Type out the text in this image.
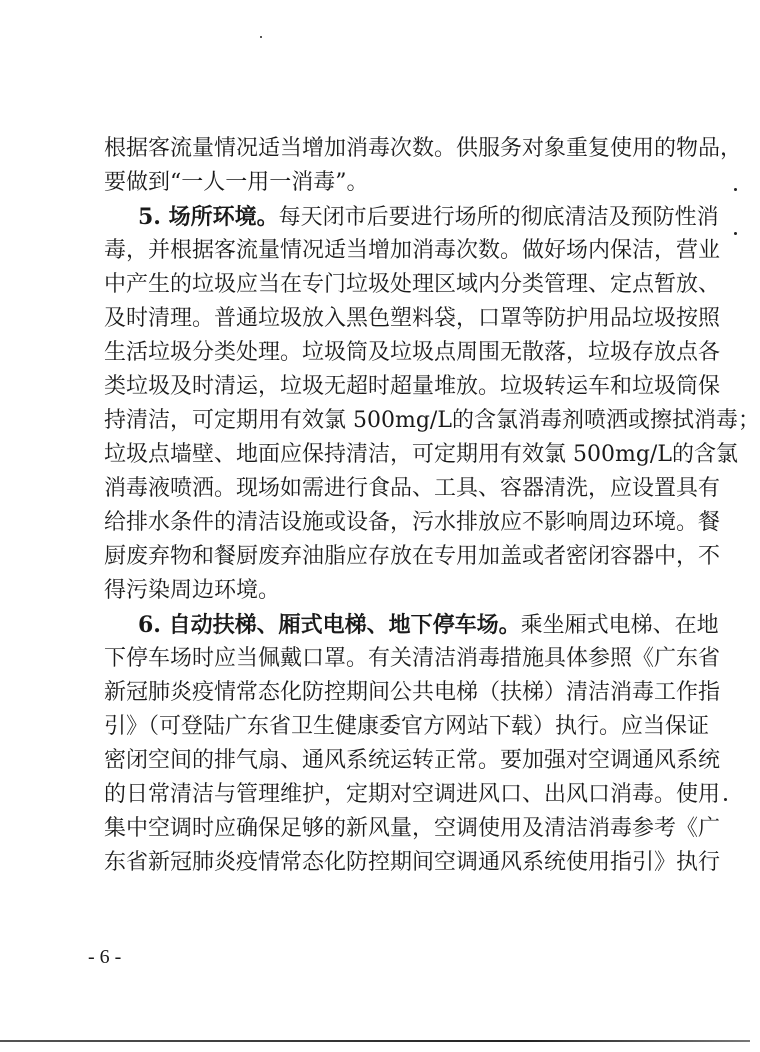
根据客流量情况适当增加消毒次数。供服务对象重复使用的物品，
要做到“一人一用一消毒”。
5. 场所环境。每天闭市后要进行场所的彻底清洁及预防性消
毒，并根据客流量情况适当增加消毒次数。做好场内保洁，营业
中产生的垃圾应当在专门垃圾处理区域内分类管理、定点暂放、
及时清理。普通垃圾放入黑色塑料袋，口罩等防护用品垃圾按照
生活垃圾分类处理。垃圾筒及垃圾点周围无散落，垃圾存放点各
类垃圾及时清运，垃圾无超时超量堆放。垃圾转运车和垃圾筒保
持清洁，可定期用有效氯 500mg/L的含氯消毒剂喷洒或擦拭消毒；
垃圾点墙壁、地面应保持清洁，可定期用有效氯 500mg/L的含氯
消毒液喷洒。现场如需进行食品、工具、容器清洗，应设置具有
给排水条件的清洁设施或设备，污水排放应不影响周边环境。餐
厨废弃物和餐厨废弃油脂应存放在专用加盖或者密闭容器中，不
得污染周边环境。
6. 自动扶梯、厢式电梯、地下停车场。乘坐厢式电梯、在地
下停车场时应当佩戴口罩。有关清洁消毒措施具体参照《广东省
新冠肺炎疫情常态化防控期间公共电梯（扶梯）清洁消毒工作指
引》（可登陆广东省卫生健康委官方网站下载）执行。应当保证
密闭空间的排气扇、通风系统运转正常。要加强对空调通风系统
的日常清洁与管理维护，定期对空调进风口、出风口消毒。使用
集中空调时应确保足够的新风量，空调使用及清洁消毒参考《广
东省新冠肺炎疫情常态化防控期间空调通风系统使用指引》执行
- 6 -
